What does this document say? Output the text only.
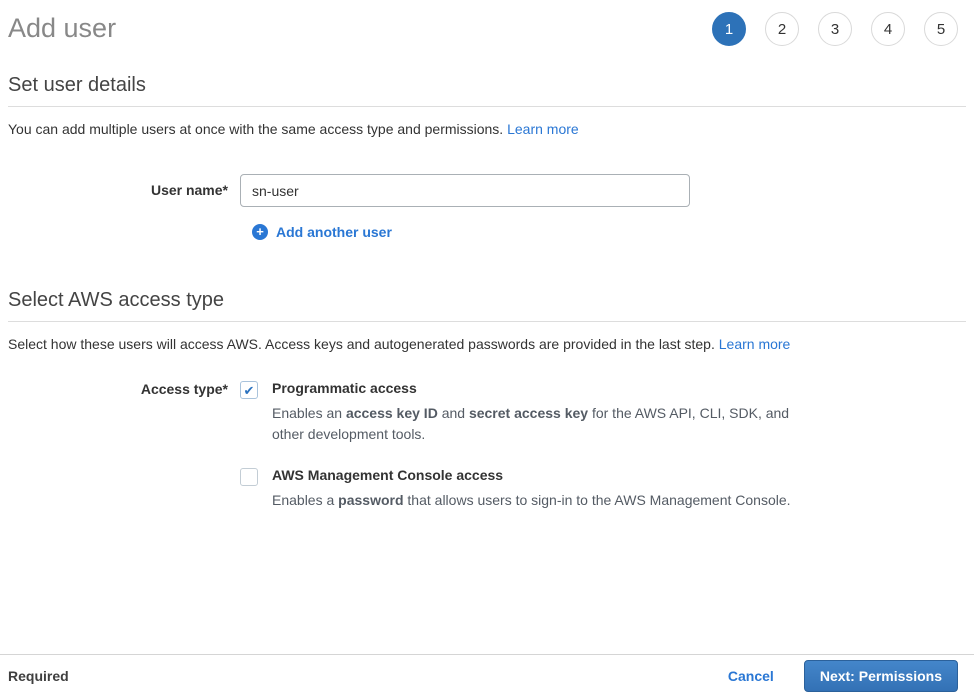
Add user	1	2	3	4	5
Set user details

You can add multiple users at once with the same access type and permissions. Learn more

User name*
sn-user
+ Add another user
Select AWS access type

Select how these users will access AWS. Access keys and autogenerated passwords are provided in the last step. Learn more

Access type*	✔ Programmatic access
Enables an access key ID and secret access key for the AWS API, CLI, SDK, and other development tools.
AWS Management Console access
Enables a password that allows users to sign-in to the AWS Management Console.
Required	Cancel	Next: Permissions
